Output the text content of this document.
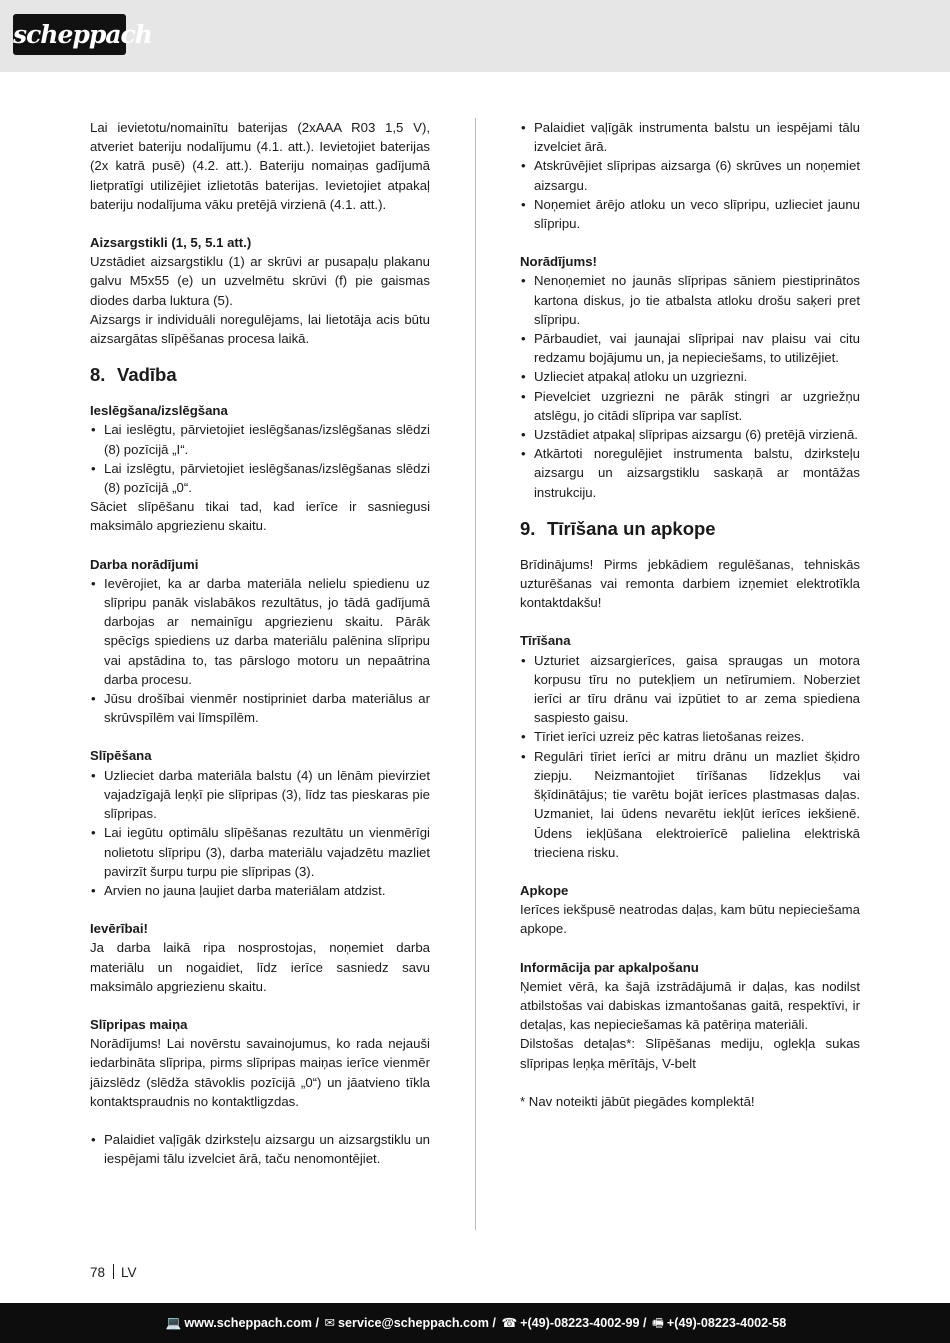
scheppach
Lai ievietotu/nomainītu baterijas (2xAAA R03 1,5 V), atveriet bateriju nodalījumu (4.1. att.). Ievietojiet baterijas (2x katrā pusē) (4.2. att.). Bateriju nomaiņas gadījumā lietpratīgi utilizējiet izlietotās baterijas. Ievietojiet atpakaļ bateriju nodalījuma vāku pretējā virzienā (4.1. att.).
Aizsargstikli (1, 5, 5.1 att.)
Uzstādiet aizsargstiklu (1) ar skrūvi ar pusapaļu plakanu galvu M5x55 (e) un uzvelmētu skrūvi (f) pie gaismas diodes darba luktura (5).
Aizsargs ir individuāli noregulējams, lai lietotāja acis būtu aizsargātas slīpēšanas procesa laikā.
8. Vadība
Ieslēgšana/izslēgšana
• Lai ieslēgtu, pārvietojiet ieslēgšanas/izslēgšanas slēdzi (8) pozīcijā „I“.
• Lai izslēgtu, pārvietojiet ieslēgšanas/izslēgšanas slēdzi (8) pozīcijā „0“.
Sāciet slīpēšanu tikai tad, kad ierīce ir sasniegusi maksimālo apgriezienu skaitu.
Darba norādījumi
• Ievērojiet, ka ar darba materiāla nelielu spiedienu uz slīpripu panāk vislabākos rezultātus, jo tādā gadījumā darbojas ar nemainīgu apgriezienu skaitu. Pārāk spēcīgs spiediens uz darba materiālu palēnina slīpripu vai apstādina to, tas pārslogo motoru un nepaātrina darba procesu.
• Jūsu drošībai vienmēr nostipriniet darba materiālus ar skrūvspīlēm vai līmspīlēm.
Slīpēšana
• Uzlieciet darba materiāla balstu (4) un lēnām pievirziet vajadzīgajā leņķī pie slīpripas (3), līdz tas pieskaras pie slīpripas.
• Lai iegūtu optimālu slīpēšanas rezultātu un vienmērīgi nolietotu slīpripu (3), darba materiālu vajadzētu mazliet pavirzīt šurpu turpu pie slīpripas (3).
• Arvien no jauna ļaujiet darba materiālam atdzist.
Ievērībai!
Ja darba laikā ripa nosprostojas, noņemiet darba materiālu un nogaidiet, līdz ierīce sasniedz savu maksimālo apgriezienu skaitu.
Slīpripas maiņa
Norādījums! Lai novērstu savainojumus, ko rada nejauši iedarbināta slīpripa, pirms slīpripas maiņas ierīce vienmēr jāizslēdz (slēdža stāvoklis pozīcijā „0“) un jāatvieno tīkla kontaktspraudnis no kontaktligzdas.
• Palaidiet vaļīgāk dzirksteļu aizsargu un aizsargstiklu un iespējami tālu izvelciet ārā, taču nenomontējiet.
• Palaidiet vaļīgāk instrumenta balstu un iespējami tālu izvelciet ārā.
• Atskrūvējiet slīpripas aizsarga (6) skrūves un noņemiet aizsargu.
• Noņemiet ārējo atloku un veco slīpripu, uzlieciet jaunu slīpripu.
Norādījums!
• Nenoņemiet no jaunās slīpripas sāniem piestiprinātos kartona diskus, jo tie atbalsta atloku drošu saķeri pret slīpripu.
• Pārbaudiet, vai jaunajai slīpripai nav plaisu vai citu redzamu bojājumu un, ja nepieciešams, to utilizējiet.
• Uzlieciet atpakaļ atloku un uzgriezni.
• Pievelciet uzgriezni ne pārāk stingri ar uzgriežņu atslēgu, jo citādi slīpripa var saplīst.
• Uzstādiet atpakaļ slīpripas aizsargu (6) pretējā virzienā.
• Atkārtoti noregulējiet instrumenta balstu, dzirksteļu aizsargu un aizsargstiklu saskaņā ar montāžas instrukciju.
9. Tīrīšana un apkope
Brīdinājums! Pirms jebkādiem regulēšanas, tehniskās uzturēšanas vai remonta darbiem izņemiet elektrotīkla kontaktdakšu!
Tīrīšana
• Uzturiet aizsargierīces, gaisa spraugas un motora korpusu tīru no putekļiem un netīrumiem. Noberziet ierīci ar tīru drānu vai izpūtiet to ar zema spiediena saspiesto gaisu.
• Tīriet ierīci uzreiz pēc katras lietošanas reizes.
• Regulāri tīriet ierīci ar mitru drānu un mazliet šķidro ziepju. Neizmantojiet tīrīšanas līdzekļus vai šķīdinātājus; tie varētu bojāt ierīces plastmasas daļas. Uzmaniet, lai ūdens nevarētu iekļūt ierīces iekšienē. Ūdens iekļūšana elektroierīcē palielina elektriskā trieciena risku.
Apkope
Ierīces iekšpusē neatrodas daļas, kam būtu nepieciešama apkope.
Informācija par apkalpošanu
Ņemiet vērā, ka šajā izstrādājumā ir daļas, kas nodilst atbilstošas vai dabiskas izmantošanas gaitā, respektīvi, ir detaļas, kas nepieciešamas kā patēriņa materiāli.
Dilstošas detaļas*: Slīpēšanas mediju, oglekļa sukas slīpripas leņķa mērītājs, V-belt
* Nav noteikti jābūt piegādes komplektā!
78 LV
💻 www.scheppach.com / ✉ service@scheppach.com / ☎ +(49)-08223-4002-99 / 🖷 +(49)-08223-4002-58
